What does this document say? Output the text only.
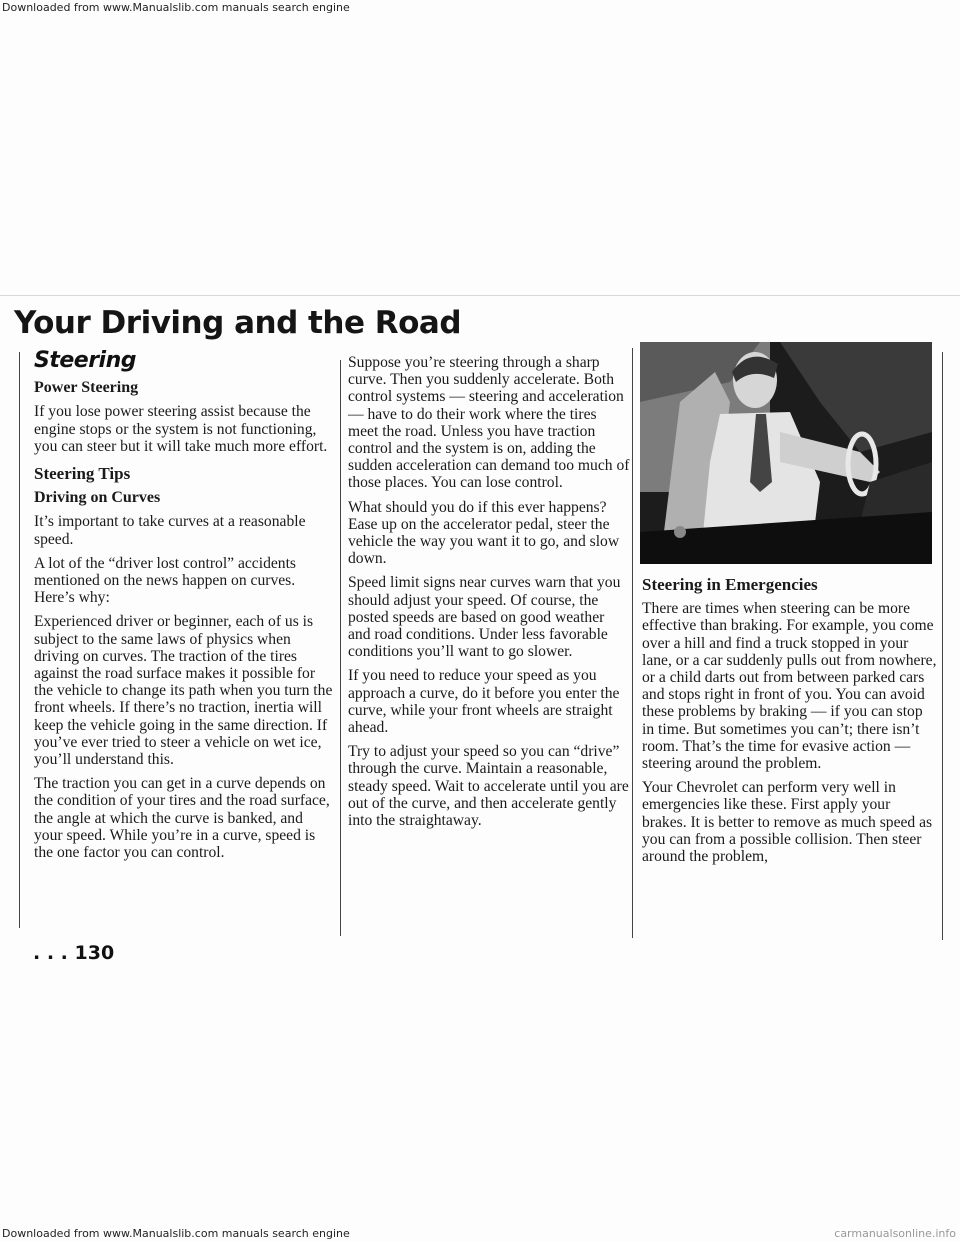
Downloaded from www.Manualslib.com manuals search engine
Your Driving and the Road
Steering
Power Steering

If you lose power steering assist because the engine stops or the system is not functioning, you can steer but it will take much more effort.

Steering Tips
Driving on Curves

It’s important to take curves at a reasonable speed.

A lot of the “driver lost control” accidents mentioned on the news happen on curves. Here’s why:

Experienced driver or beginner, each of us is subject to the same laws of physics when driving on curves. The traction of the tires against the road surface makes it possible for the vehicle to change its path when you turn the front wheels. If there’s no traction, inertia will keep the vehicle going in the same direction. If you’ve ever tried to steer a vehicle on wet ice, you’ll understand this.

The traction you can get in a curve depends on the condition of your tires and the road surface, the angle at which the curve is banked, and your speed. While you’re in a curve, speed is the one factor you can control.

Suppose you’re steering through a sharp curve. Then you suddenly accelerate. Both control systems — steering and acceleration — have to do their work where the tires meet the road. Unless you have traction control and the system is on, adding the sudden acceleration can demand too much of those places. You can lose control.

What should you do if this ever happens? Ease up on the accelerator pedal, steer the vehicle the way you want it to go, and slow down.

Speed limit signs near curves warn that you should adjust your speed. Of course, the posted speeds are based on good weather and road conditions. Under less favorable conditions you’ll want to go slower.

If you need to reduce your speed as you approach a curve, do it before you enter the curve, while your front wheels are straight ahead.

Try to adjust your speed so you can “drive” through the curve. Maintain a reasonable, steady speed. Wait to accelerate until you are out of the curve, and then accelerate gently into the straightaway.

Steering in Emergencies

There are times when steering can be more effective than braking. For example, you come over a hill and find a truck stopped in your lane, or a car suddenly pulls out from nowhere, or a child darts out from between parked cars and stops right in front of you. You can avoid these problems by braking — if you can stop in time. But sometimes you can’t; there isn’t room. That’s the time for evasive action — steering around the problem.

Your Chevrolet can perform very well in emergencies like these. First apply your brakes. It is better to remove as much speed as you can from a possible collision. Then steer around the problem,

. . . 130
Downloaded from www.Manualslib.com manuals search engine	carmanualsonline.info
